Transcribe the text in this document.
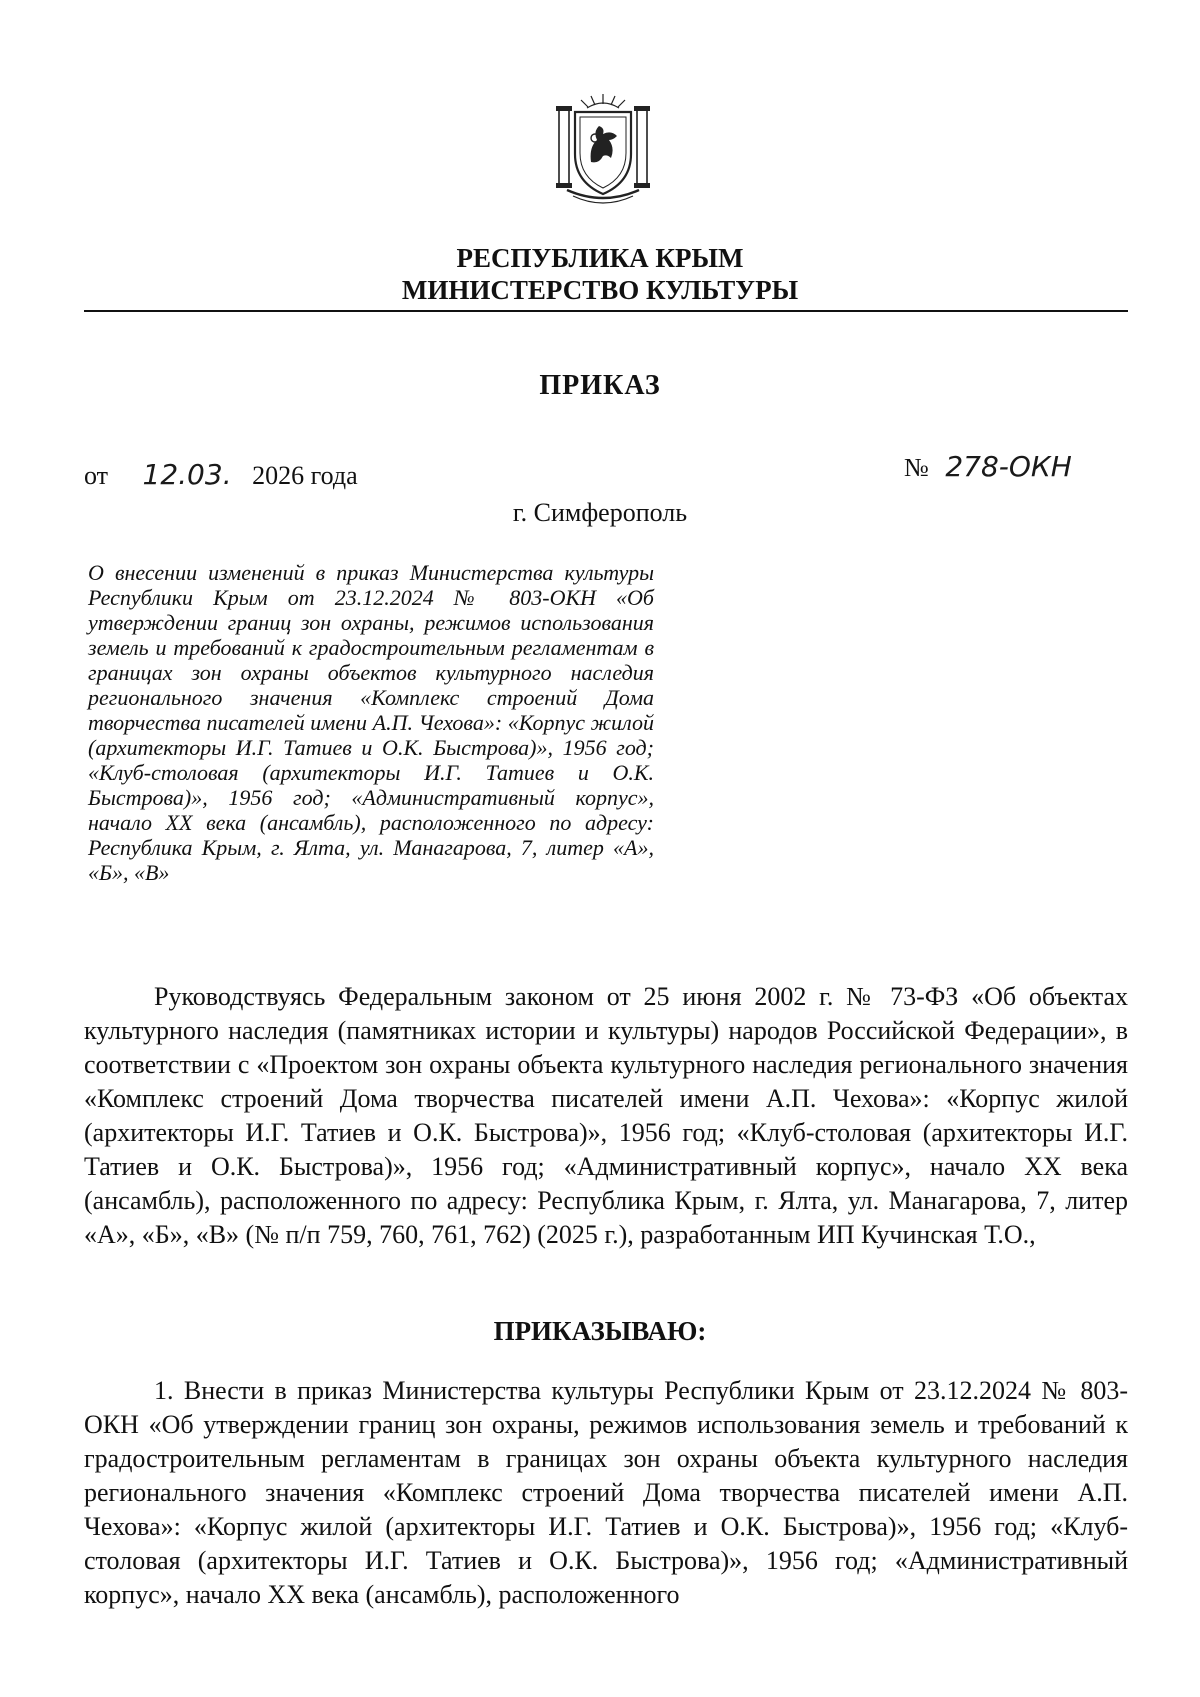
РЕСПУБЛИКА КРЫМ
МИНИСТЕРСТВО КУЛЬТУРЫ
ПРИКАЗ
от 12.03. 2026 года	№ 278-ОКН
г. Симферополь
О внесении изменений в приказ Министерства культуры Республики Крым от 23.12.2024 № 803-ОКН «Об утверждении границ зон охраны, режимов использования земель и требований к градостроительным регламентам в границах зон охраны объектов культурного наследия регионального значения «Комплекс строений Дома творчества писателей имени А.П. Чехова»: «Корпус жилой (архитекторы И.Г. Татиев и О.К. Быстрова)», 1956 год; «Клуб-столовая (архитекторы И.Г. Татиев и О.К. Быстрова)», 1956 год; «Административный корпус», начало XX века (ансамбль), расположенного по адресу: Республика Крым, г. Ялта, ул. Манагарова, 7, литер «А», «Б», «В»
Руководствуясь Федеральным законом от 25 июня 2002 г. № 73-ФЗ «Об объектах культурного наследия (памятниках истории и культуры) народов Российской Федерации», в соответствии с «Проектом зон охраны объекта культурного наследия регионального значения «Комплекс строений Дома творчества писателей имени А.П. Чехова»: «Корпус жилой (архитекторы И.Г. Татиев и О.К. Быстрова)», 1956 год; «Клуб-столовая (архитекторы И.Г. Татиев и О.К. Быстрова)», 1956 год; «Административный корпус», начало XX века (ансамбль), расположенного по адресу: Республика Крым, г. Ялта, ул. Манагарова, 7, литер «А», «Б», «В» (№ п/п 759, 760, 761, 762) (2025 г.), разработанным ИП Кучинская Т.О.,
ПРИКАЗЫВАЮ:
1. Внести в приказ Министерства культуры Республики Крым от 23.12.2024 № 803-ОКН «Об утверждении границ зон охраны, режимов использования земель и требований к градостроительным регламентам в границах зон охраны объекта культурного наследия регионального значения «Комплекс строений Дома творчества писателей имени А.П. Чехова»: «Корпус жилой (архитекторы И.Г. Татиев и О.К. Быстрова)», 1956 год; «Клуб-столовая (архитекторы И.Г. Татиев и О.К. Быстрова)», 1956 год; «Административный корпус», начало XX века (ансамбль), расположенного
